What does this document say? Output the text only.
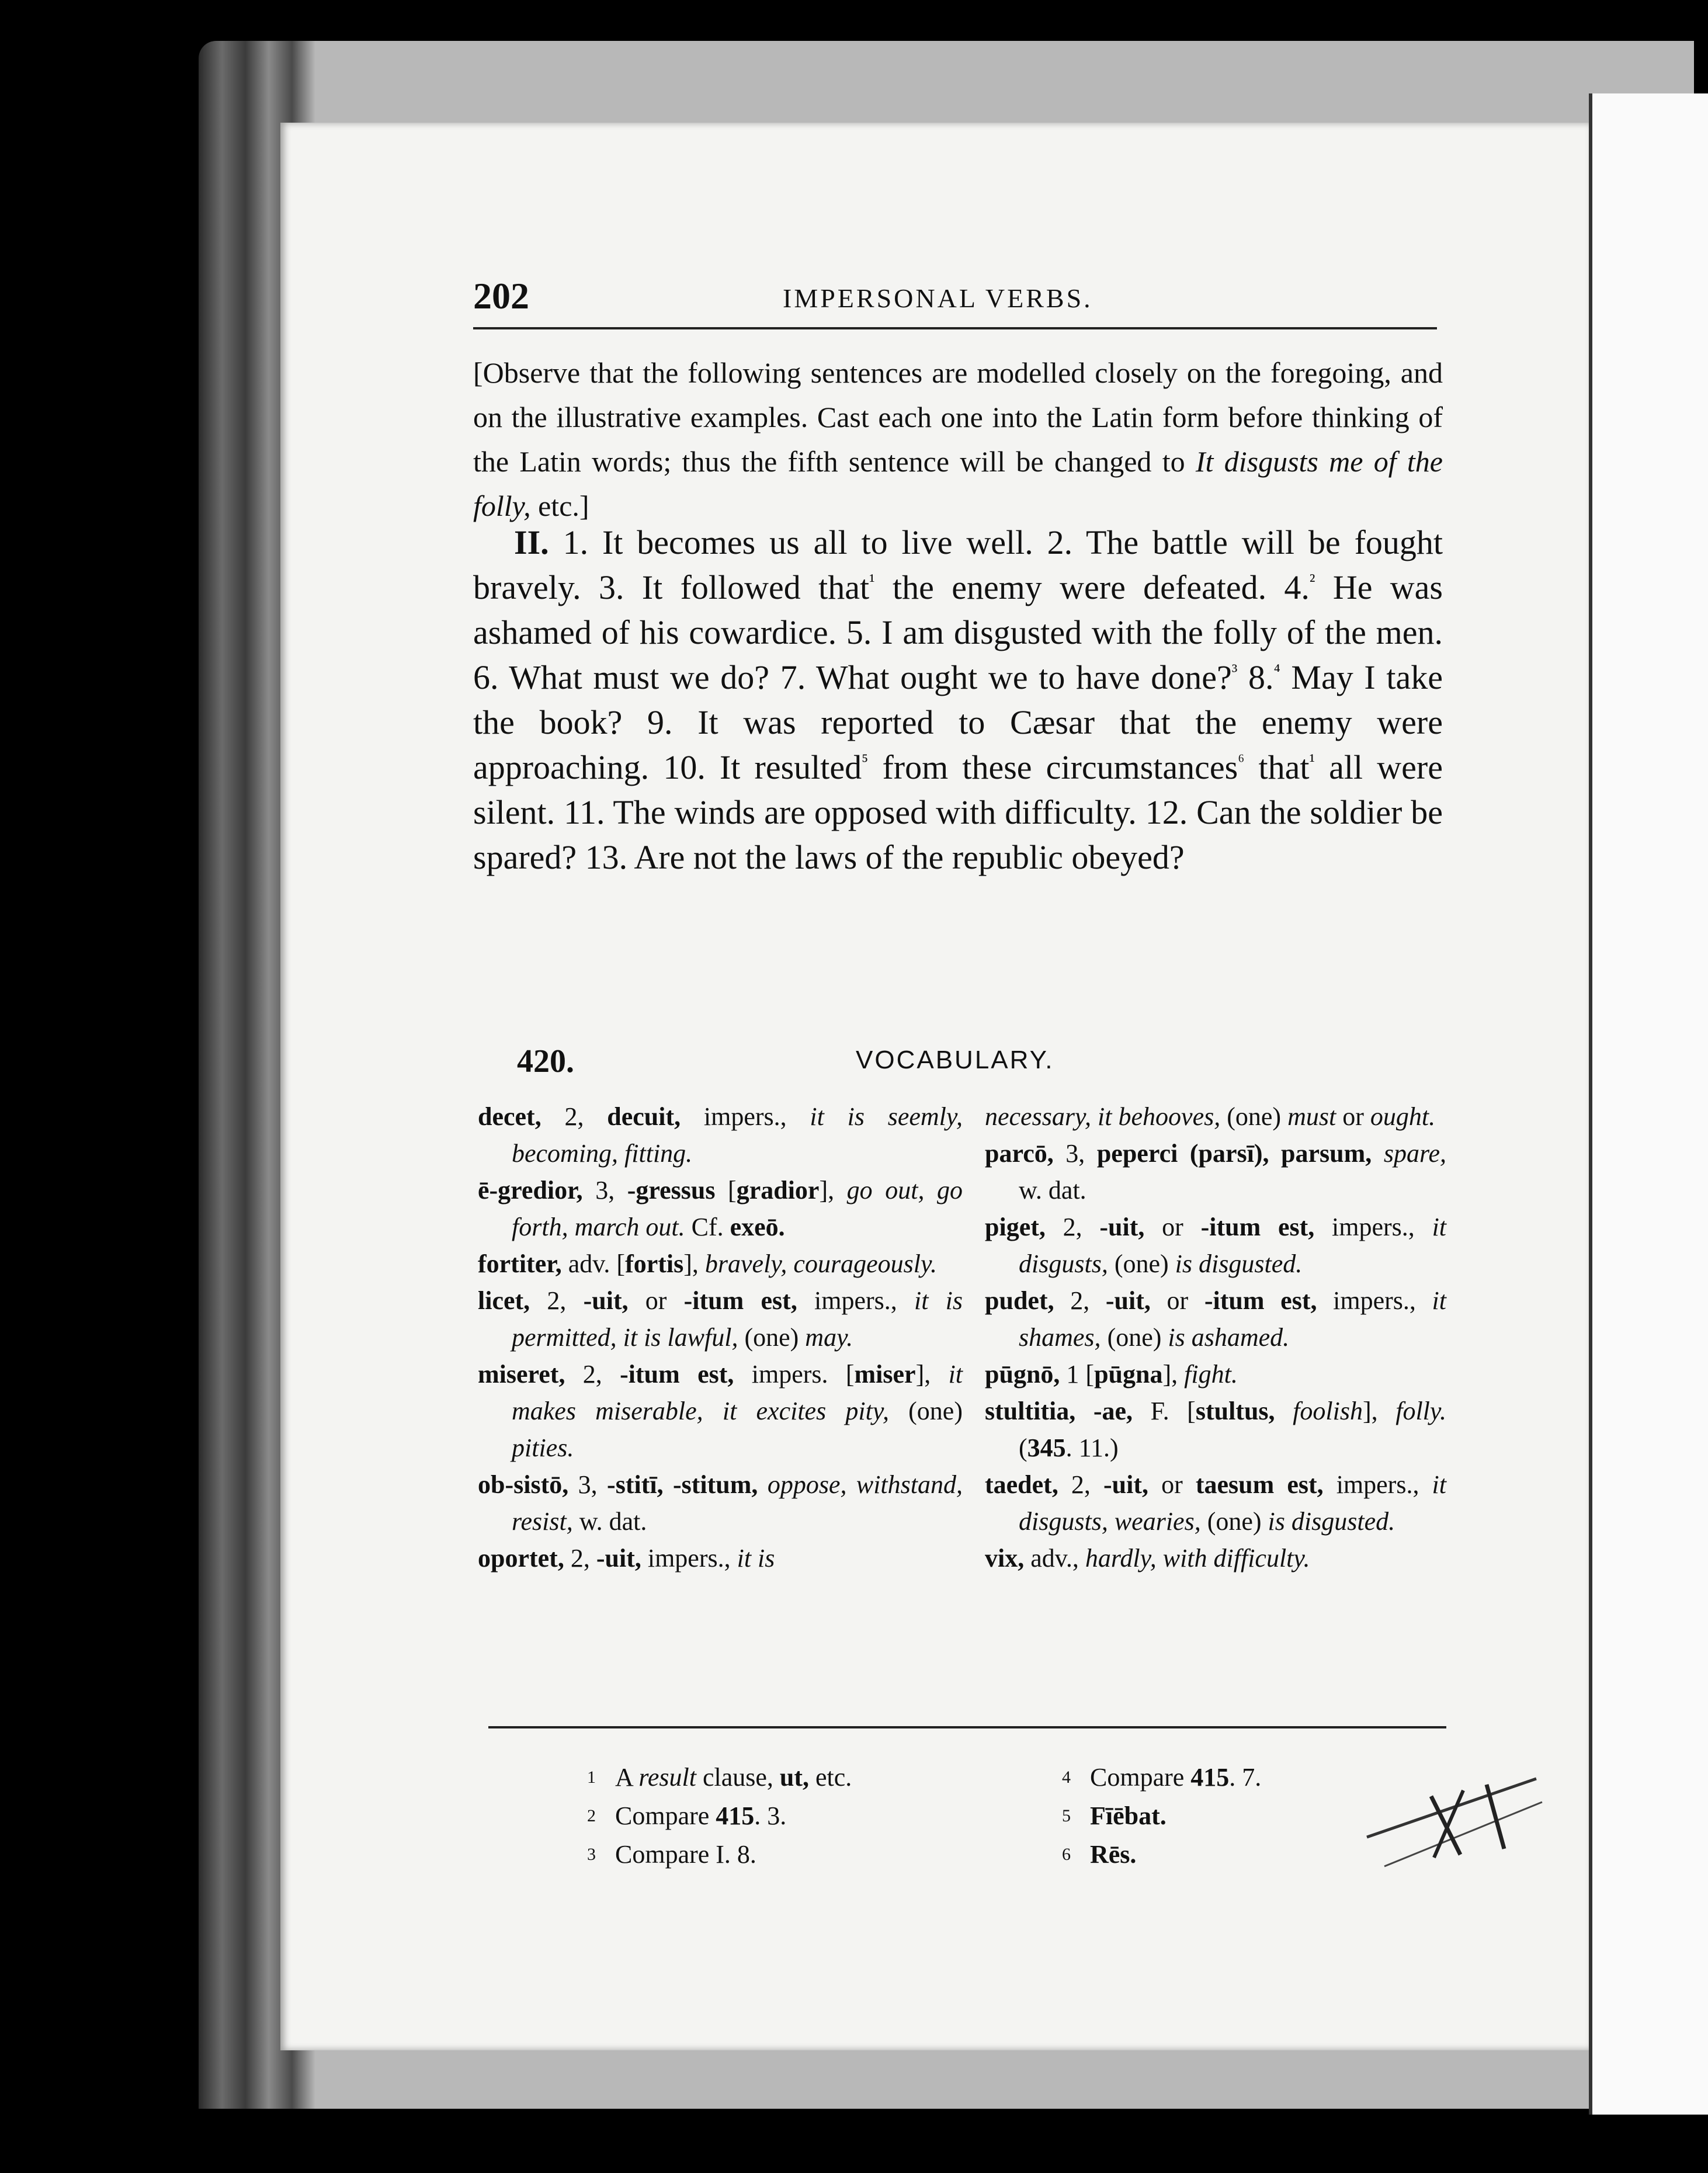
202	IMPERSONAL VERBS.
[Observe that the following sentences are modelled closely on the foregoing, and on the illustrative examples. Cast each one into the Latin form before thinking of the Latin words; thus the fifth sentence will be changed to It disgusts me of the folly, etc.]
II. 1. It becomes us all to live well. 2. The battle will be fought bravely. 3. It followed that$^{^1}$ the enemy were defeated. 4.$^{^2}$ He was ashamed of his cowardice. 5. I am disgusted with the folly of the men. 6. What must we do? 7. What ought we to have done?$^{^3}$ 8.$^{^4}$ May I take the book? 9. It was reported to Cæsar that the enemy were approaching. 10. It resulted$^{^5}$ from these circumstances$^{^6}$ that$^{^1}$ all were silent. 11. The winds are opposed with difficulty. 12. Can the soldier be spared? 13. Are not the laws of the republic obeyed?
420.	VOCABULARY.
decet, 2, decuit, impers., it is seemly, becoming, fitting.
ē-gredior, 3, -gressus [gradior], go out, go forth, march out. Cf. exeō.
fortiter, adv. [fortis], bravely, courageously.
licet, 2, -uit, or -itum est, impers., it is permitted, it is lawful, (one) may.
miseret, 2, -itum est, impers. [miser], it makes miserable, it excites pity, (one) pities.
ob-sistō, 3, -stitī, -stitum, oppose, withstand, resist, w. dat.
oportet, 2, -uit, impers., it is
necessary, it behooves, (one) must or ought.
parcō, 3, peperci (parsī), parsum, spare, w. dat.
piget, 2, -uit, or -itum est, impers., it disgusts, (one) is disgusted.
pudet, 2, -uit, or -itum est, impers., it shames, (one) is ashamed.
pūgnō, 1 [pūgna], fight.
stultitia, -ae, F. [stultus, foolish], folly. (345. 11.)
taedet, 2, -uit, or taesum est, impers., it disgusts, wearies, (one) is disgusted.
vix, adv., hardly, with difficulty.
1 A result clause, ut, etc.
2 Compare 415. 3.
3 Compare I. 8.
4 Compare 415. 7.
5 Fīēbat.
6 Rēs.
